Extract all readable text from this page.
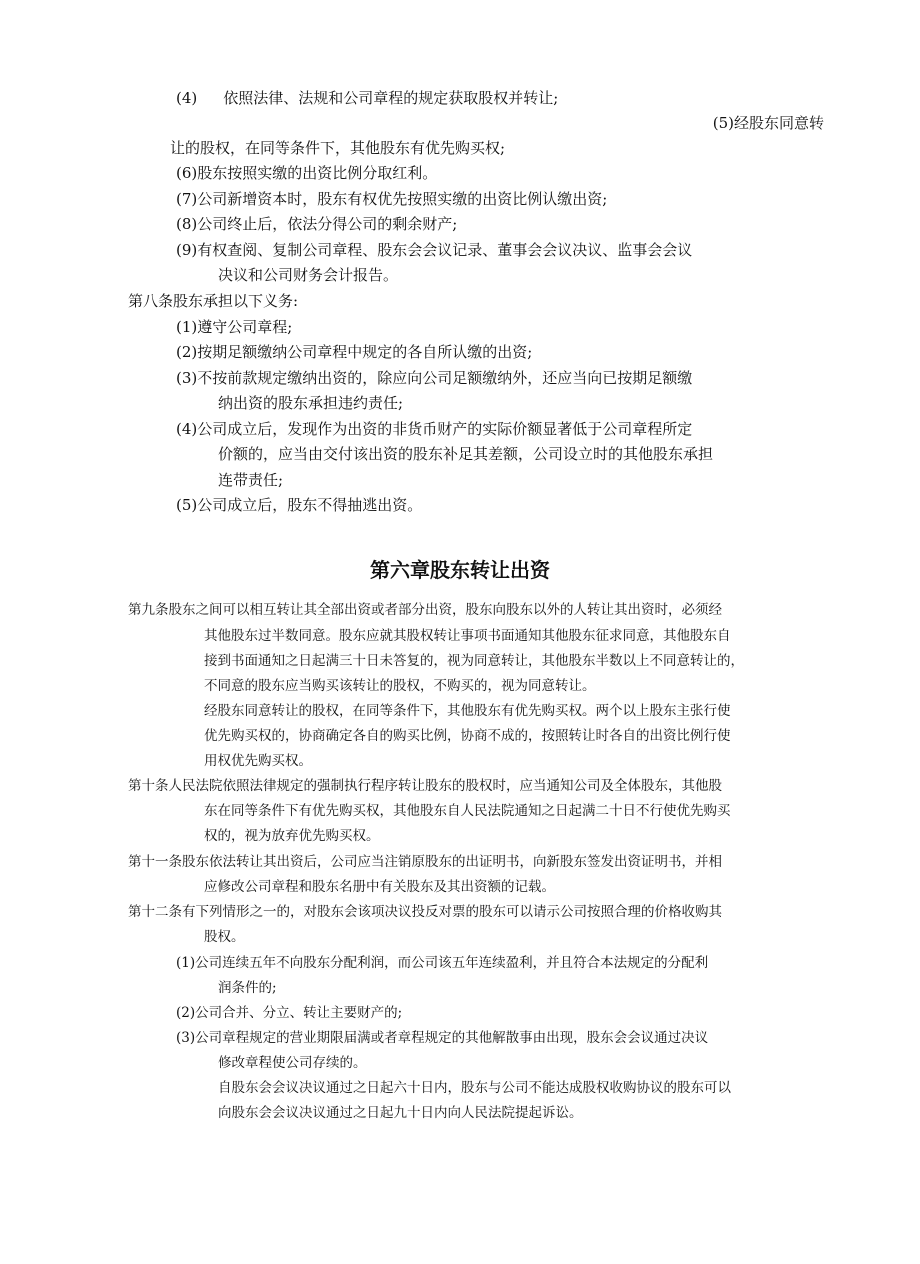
(4) 依照法律、法规和公司章程的规定获取股权并转让;
(5)经股东同意转
让的股权，在同等条件下，其他股东有优先购买权;
(6)股东按照实缴的出资比例分取红利。
(7)公司新增资本时，股东有权优先按照实缴的出资比例认缴出资;
(8)公司终止后，依法分得公司的剩余财产;
(9)有权查阅、复制公司章程、股东会会议记录、董事会会议决议、监事会会议
决议和公司财务会计报告。
第八条股东承担以下义务:
(1)遵守公司章程;
(2)按期足额缴纳公司章程中规定的各自所认缴的出资;
(3)不按前款规定缴纳出资的，除应向公司足额缴纳外，还应当向已按期足额缴
纳出资的股东承担违约责任;
(4)公司成立后，发现作为出资的非货币财产的实际价额显著低于公司章程所定
价额的，应当由交付该出资的股东补足其差额，公司设立时的其他股东承担
连带责任;
(5)公司成立后，股东不得抽逃出资。
第六章股东转让出资
第九条股东之间可以相互转让其全部出资或者部分出资，股东向股东以外的人转让其出资时，必须经
其他股东过半数同意。股东应就其股权转让事项书面通知其他股东征求同意，其他股东自
接到书面通知之日起满三十日未答复的，视为同意转让，其他股东半数以上不同意转让的，
不同意的股东应当购买该转让的股权，不购买的，视为同意转让。
经股东同意转让的股权，在同等条件下，其他股东有优先购买权。两个以上股东主张行使
优先购买权的，协商确定各自的购买比例，协商不成的，按照转让时各自的出资比例行使
用权优先购买权。
第十条人民法院依照法律规定的强制执行程序转让股东的股权时，应当通知公司及全体股东，其他股
东在同等条件下有优先购买权，其他股东自人民法院通知之日起满二十日不行使优先购买
权的，视为放弃优先购买权。
第十一条股东依法转让其出资后，公司应当注销原股东的出证明书，向新股东签发出资证明书，并相
应修改公司章程和股东名册中有关股东及其出资额的记载。
第十二条有下列情形之一的，对股东会该项决议投反对票的股东可以请示公司按照合理的价格收购其
股权。
(1)公司连续五年不向股东分配利润，而公司该五年连续盈利，并且符合本法规定的分配利
润条件的;
(2)公司合并、分立、转让主要财产的;
(3)公司章程规定的营业期限届满或者章程规定的其他解散事由出现，股东会会议通过决议
修改章程使公司存续的。
自股东会会议决议通过之日起六十日内，股东与公司不能达成股权收购协议的股东可以
向股东会会议决议通过之日起九十日内向人民法院提起诉讼。
